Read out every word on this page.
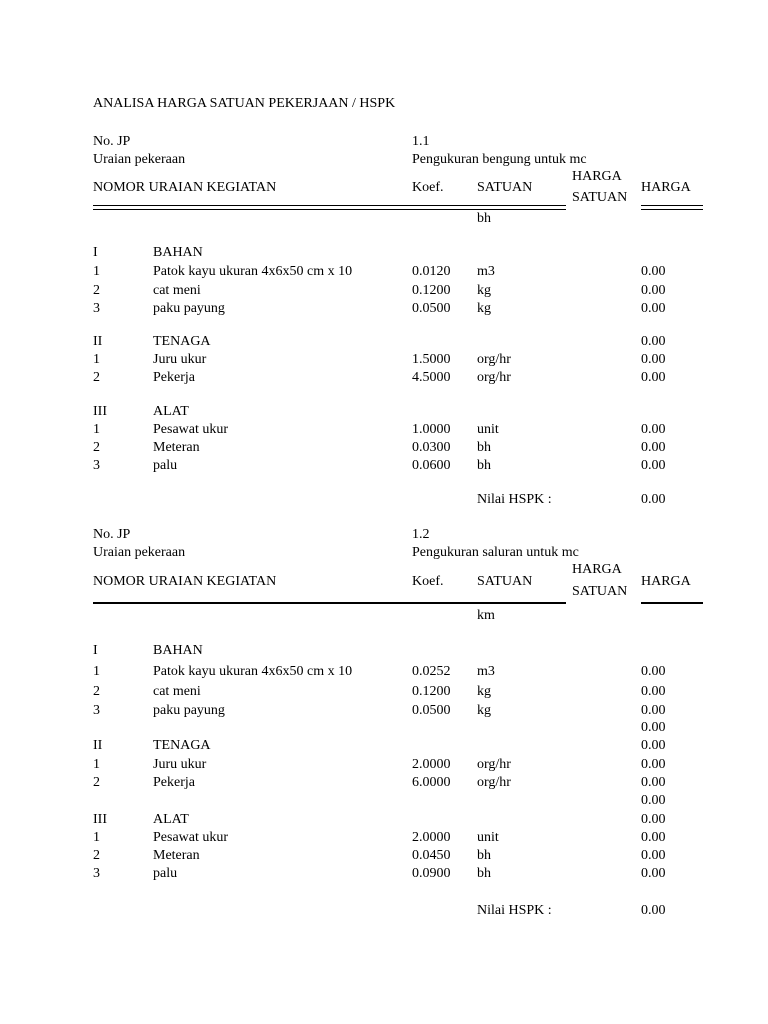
ANALISA HARGA SATUAN PEKERJAAN / HSPK
No. JP	1.1
Uraian pekeraan	Pengukuran bengung untuk mc
NOMOR URAIAN KEGIATAN	Koef. SATUAN
HARGA
SATUAN
HARGA
bh
I	BAHAN
1	Patok kayu ukuran 4x6x50 cm x 10	0.0120 m3	0.00
2	cat meni	0.1200 kg	0.00
3	paku payung	0.0500 kg	0.00
II	TENAGA	0.00
1	Juru ukur	1.5000 org/hr	0.00
2	Pekerja	4.5000 org/hr	0.00
III	ALAT
1	Pesawat ukur	1.0000 unit	0.00
2	Meteran	0.0300 bh	0.00
3	palu	0.0600 bh	0.00
Nilai HSPK :	0.00
No. JP	1.2
Uraian pekeraan	Pengukuran saluran untuk mc
NOMOR URAIAN KEGIATAN	Koef. SATUAN
HARGA
SATUAN
HARGA
km
I	BAHAN
1	Patok kayu ukuran 4x6x50 cm x 10	0.0252 m3	0.00
2	cat meni	0.1200 kg	0.00
3	paku payung	0.0500 kg	0.00
0.00
II	TENAGA	0.00
1	Juru ukur	2.0000 org/hr	0.00
2	Pekerja	6.0000 org/hr	0.00
0.00
III	ALAT	0.00
1	Pesawat ukur	2.0000 unit	0.00
2	Meteran	0.0450 bh	0.00
3	palu	0.0900 bh	0.00
Nilai HSPK :	0.00
